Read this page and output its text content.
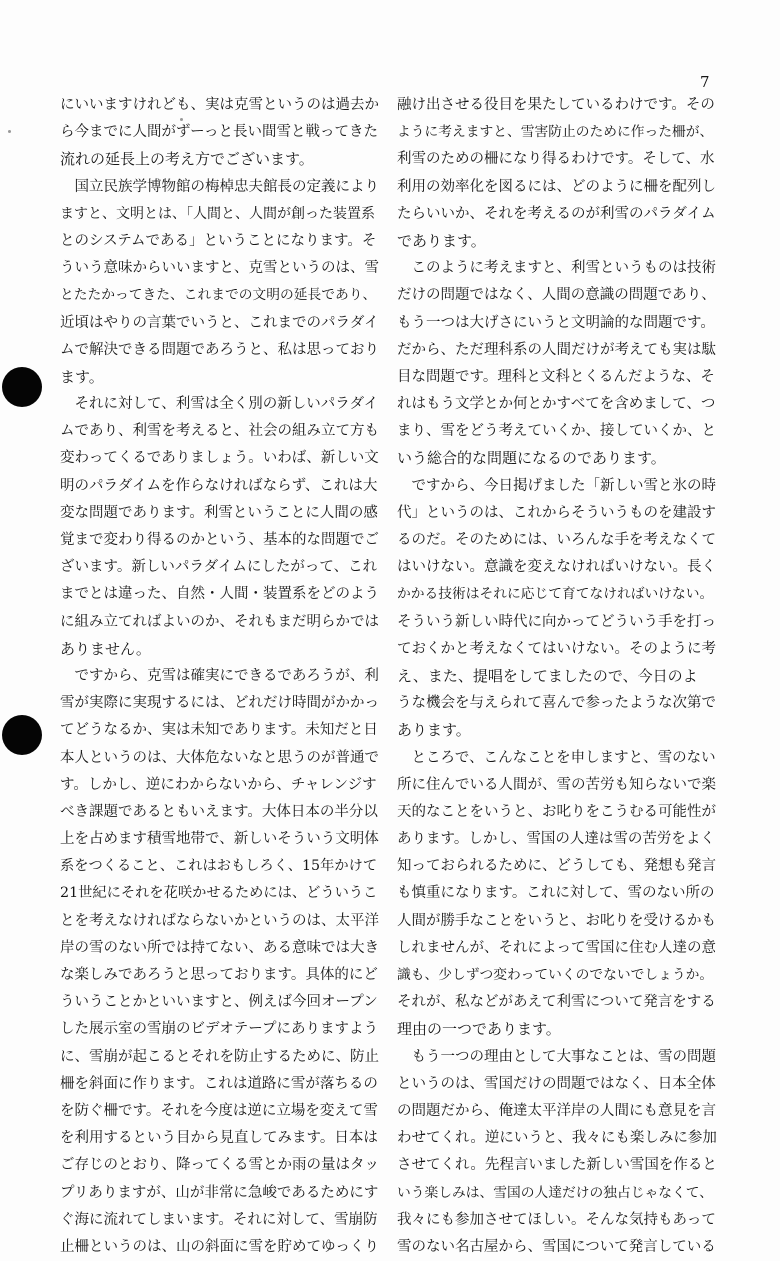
7
にいいますけれども、実は克雪というのは過去か
ら今までに人間がずーっと長い間雪と戦ってきた
流れの延長上の考え方でございます。
　国立民族学博物館の梅棹忠夫館長の定義により
ますと、文明とは、「人間と、人間が創った装置系
とのシステムである」ということになります。そ
ういう意味からいいますと、克雪というのは、雪
とたたかってきた、これまでの文明の延長であり、
近頃はやりの言葉でいうと、これまでのパラダイ
ムで解決できる問題であろうと、私は思っており
ます。
　それに対して、利雪は全く別の新しいパラダイ
ムであり、利雪を考えると、社会の組み立て方も
変わってくるでありましょう。いわば、新しい文
明のパラダイムを作らなければならず、これは大
変な問題であります。利雪ということに人間の感
覚まで変わり得るのかという、基本的な問題でご
ざいます。新しいパラダイムにしたがって、これ
までとは違った、自然・人間・装置系をどのよう
に組み立てればよいのか、それもまだ明らかでは
ありません。
　ですから、克雪は確実にできるであろうが、利
雪が実際に実現するには、どれだけ時間がかかっ
てどうなるか、実は未知であります。未知だと日
本人というのは、大体危ないなと思うのが普通で
す。しかし、逆にわからないから、チャレンジす
べき課題であるともいえます。大体日本の半分以
上を占めます積雪地帯で、新しいそういう文明体
系をつくること、これはおもしろく、15年かけて
21世紀にそれを花咲かせるためには、どういうこ
とを考えなければならないかというのは、太平洋
岸の雪のない所では持てない、ある意味では大き
な楽しみであろうと思っております。具体的にど
ういうことかといいますと、例えば今回オープン
した展示室の雪崩のビデオテープにありますよう
に、雪崩が起こるとそれを防止するために、防止
柵を斜面に作ります。これは道路に雪が落ちるの
を防ぐ柵です。それを今度は逆に立場を変えて雪
を利用するという目から見直してみます。日本は
ご存じのとおり、降ってくる雪とか雨の量はタッ
プリありますが、山が非常に急峻であるためにす
ぐ海に流れてしまいます。それに対して、雪崩防
止柵というのは、山の斜面に雪を貯めてゆっくり
融け出させる役目を果たしているわけです。その
ように考えますと、雪害防止のために作った柵が、
利雪のための柵になり得るわけです。そして、水
利用の効率化を図るには、どのように柵を配列し
たらいいか、それを考えるのが利雪のパラダイム
であります。
　このように考えますと、利雪というものは技術
だけの問題ではなく、人間の意識の問題であり、
もう一つは大げさにいうと文明論的な問題です。
だから、ただ理科系の人間だけが考えても実は駄
目な問題です。理科と文科とくるんだような、そ
れはもう文学とか何とかすべてを含めまして、つ
まり、雪をどう考えていくか、接していくか、と
いう総合的な問題になるのであります。
　ですから、今日掲げました「新しい雪と氷の時
代」というのは、これからそういうものを建設す
るのだ。そのためには、いろんな手を考えなくて
はいけない。意識を変えなければいけない。長く
かかる技術はそれに応じて育てなければいけない。
そういう新しい時代に向かってどういう手を打っ
ておくかと考えなくてはいけない。そのように考
え、また、提唱をしてましたので、今日のよ
うな機会を与えられて喜んで参ったような次第で
あります。
　ところで、こんなことを申しますと、雪のない
所に住んでいる人間が、雪の苦労も知らないで楽
天的なことをいうと、お叱りをこうむる可能性が
あります。しかし、雪国の人達は雪の苦労をよく
知っておられるために、どうしても、発想も発言
も慎重になります。これに対して、雪のない所の
人間が勝手なことをいうと、お叱りを受けるかも
しれませんが、それによって雪国に住む人達の意
識も、少しずつ変わっていくのでないでしょうか。
それが、私などがあえて利雪について発言をする
理由の一つであります。
　もう一つの理由として大事なことは、雪の問題
というのは、雪国だけの問題ではなく、日本全体
の問題だから、俺達太平洋岸の人間にも意見を言
わせてくれ。逆にいうと、我々にも楽しみに参加
させてくれ。先程言いました新しい雪国を作ると
いう楽しみは、雪国の人達だけの独占じゃなくて、
我々にも参加させてほしい。そんな気持もあって
雪のない名古屋から、雪国について発言している
